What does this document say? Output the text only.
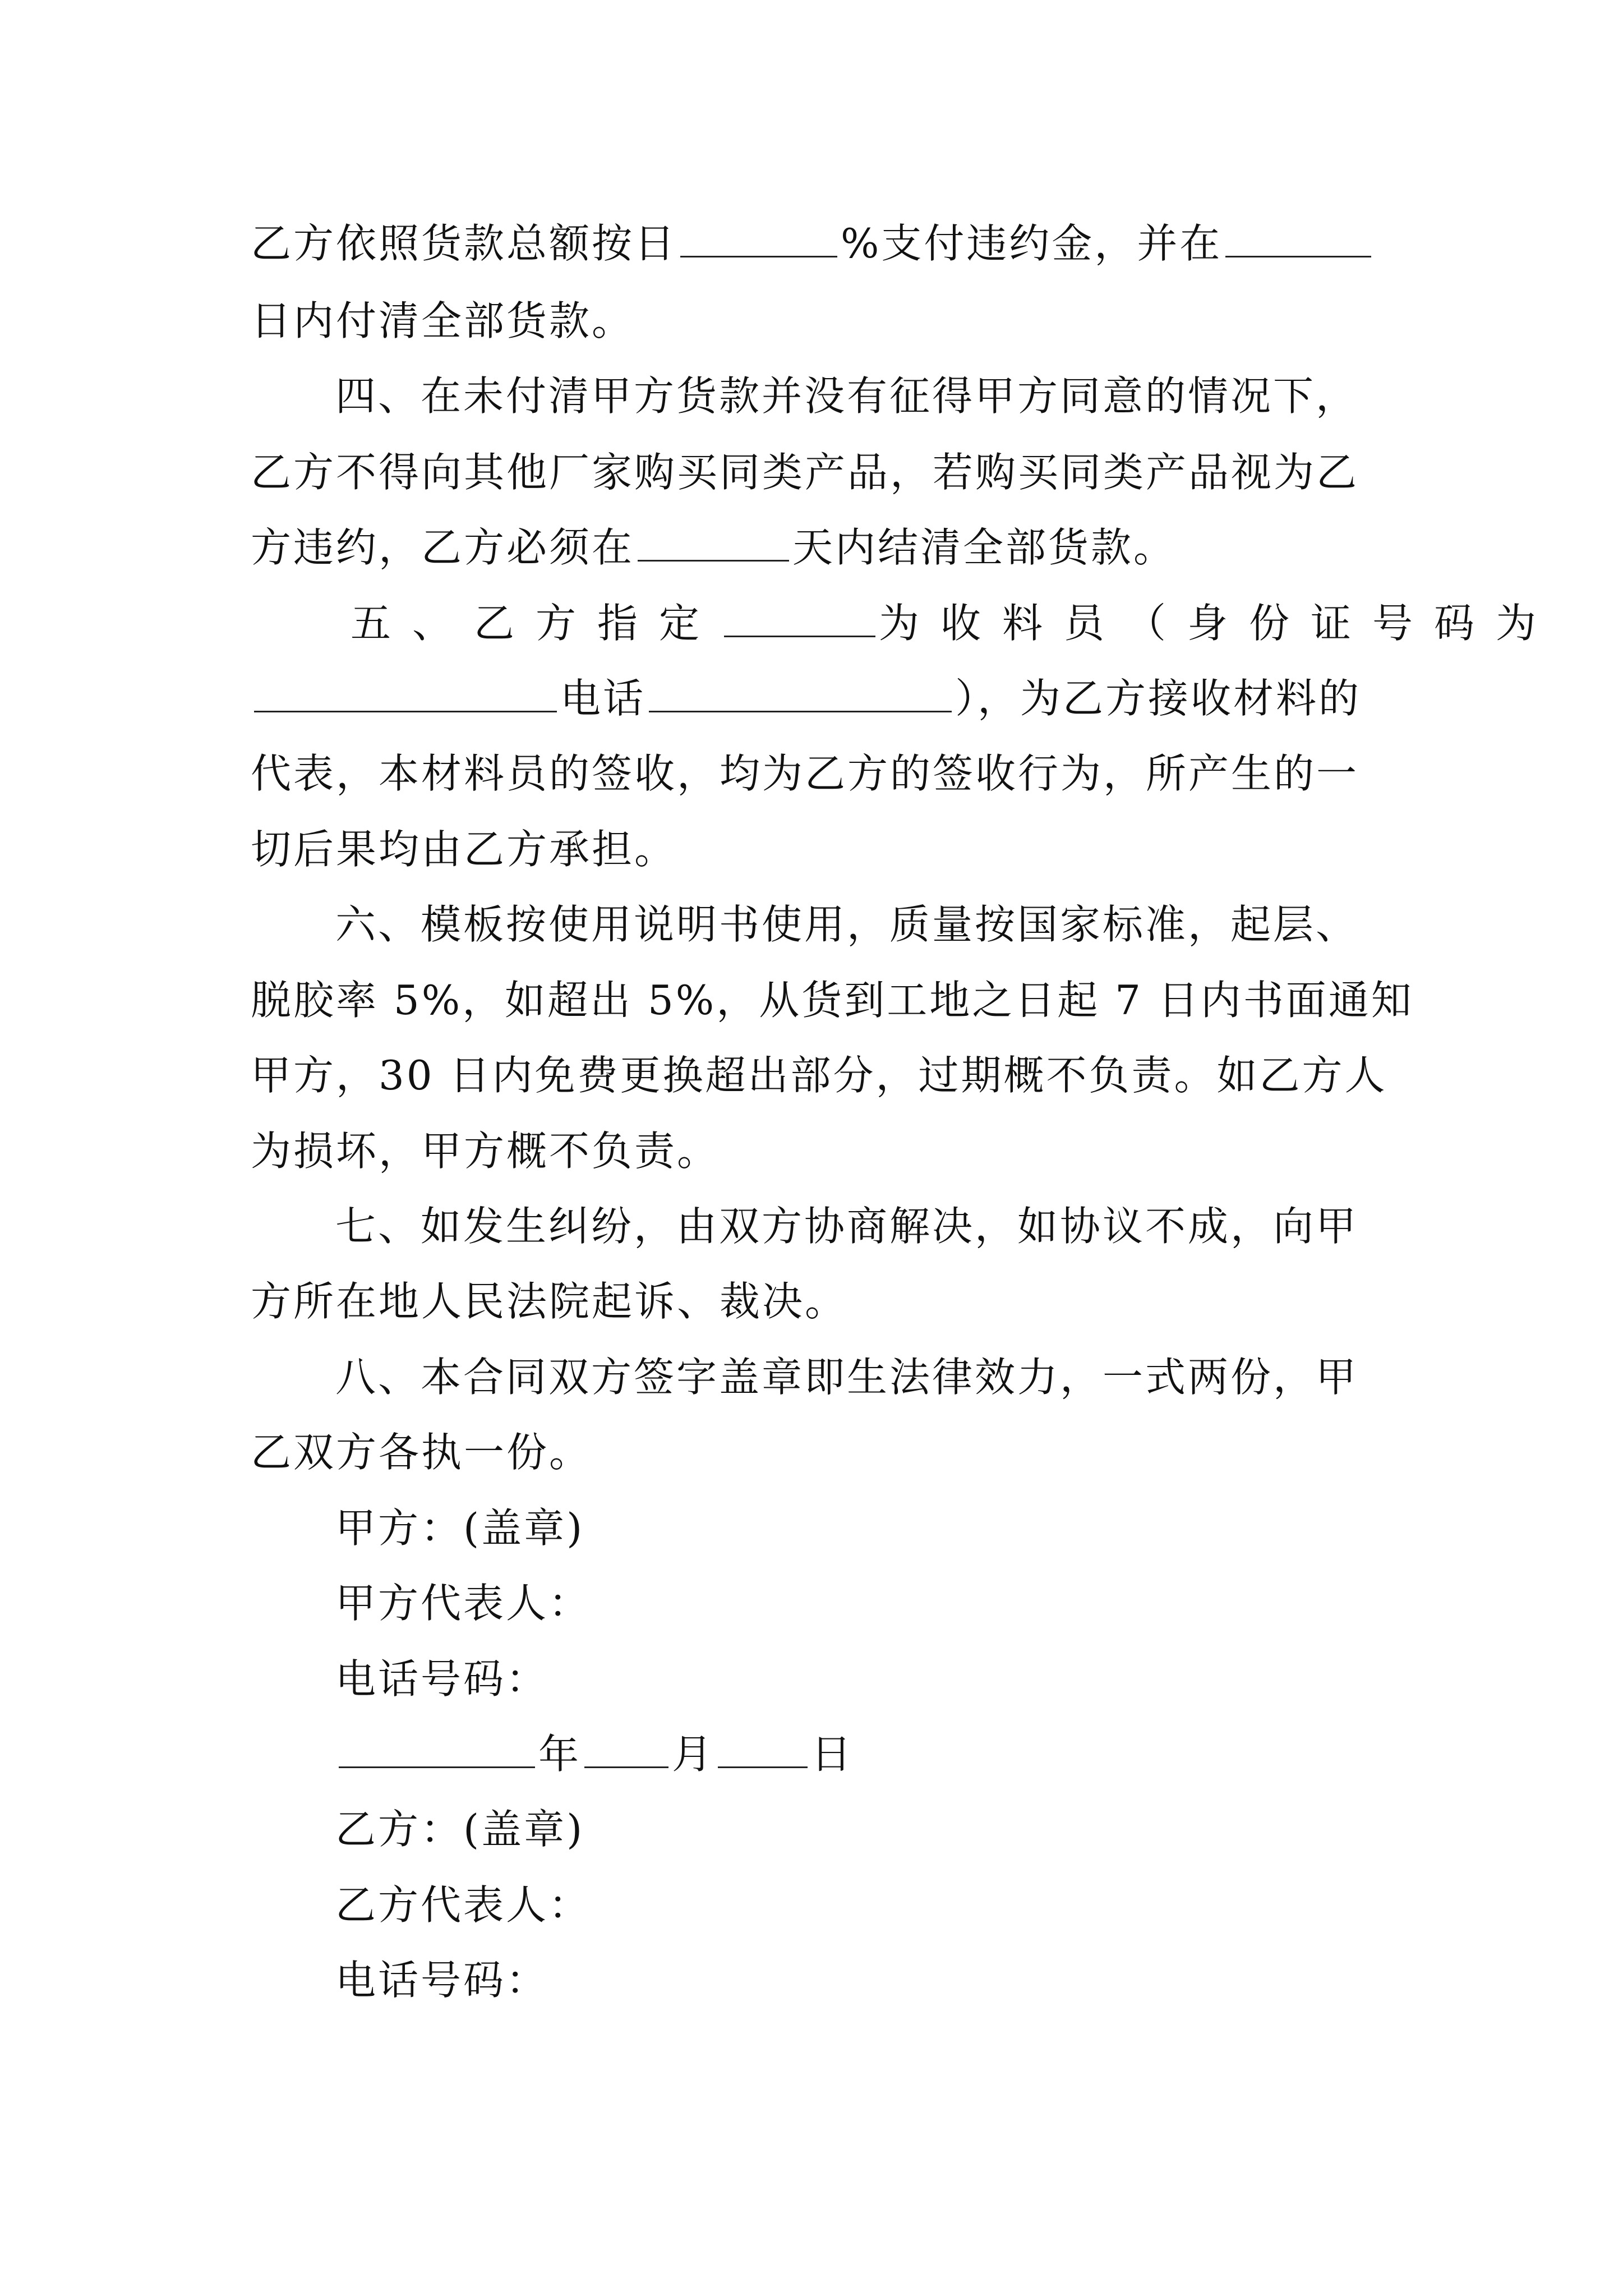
乙方依照货款总额按日	%支付违约金，并在
日内付清全部货款。
四、在未付清甲方货款并没有征得甲方同意的情况下，
乙方不得向其他厂家购买同类产品，若购买同类产品视为乙
方违约，乙方必须在	天内结清全部货款。
五、乙方指定	为收料员（身份证号码为
电话	），为乙方接收材料的
代表，本材料员的签收，均为乙方的签收行为，所产生的一
切后果均由乙方承担。
六、模板按使用说明书使用，质量按国家标准，起层、
脱胶率 5%，如超出 5%，从货到工地之日起 7 日内书面通知
甲方，30 日内免费更换超出部分，过期概不负责。如乙方人
为损坏，甲方概不负责。
七、如发生纠纷，由双方协商解决，如协议不成，向甲
方所在地人民法院起诉、裁决。
八、本合同双方签字盖章即生法律效力，一式两份，甲
乙双方各执一份。
甲方：(盖章)
甲方代表人：
电话号码：
年 月 日
乙方：(盖章)
乙方代表人：
电话号码：
